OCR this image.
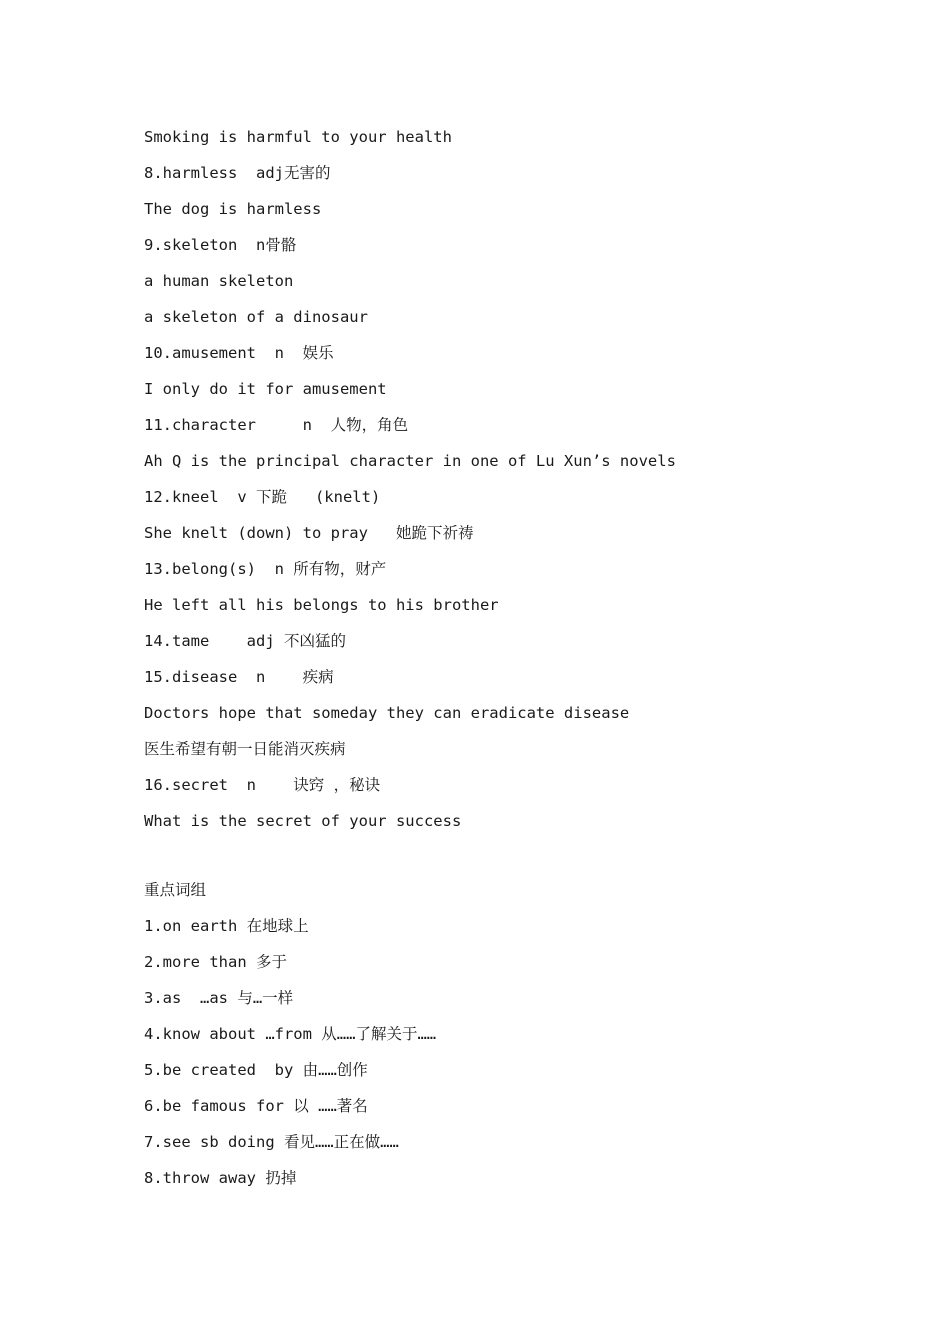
Smoking is harmful to your health
8.harmless  adj无害的
The dog is harmless
9.skeleton  n骨骼
a human skeleton
a skeleton of a dinosaur
10.amusement  n  娱乐
I only do it for amusement
11.character     n  人物，角色
Ah Q is the principal character in one of Lu Xun’s novels
12.kneel  v 下跪   (knelt)
She knelt (down) to pray   她跪下祈祷
13.belong(s)  n 所有物，财产
He left all his belongs to his brother
14.tame    adj 不凶猛的
15.disease  n    疾病
Doctors hope that someday they can eradicate disease
医生希望有朝一日能消灭疾病
16.secret  n    诀窍 ，秘诀
What is the secret of your success
重点词组
1.on earth 在地球上
2.more than 多于
3.as  …as 与…一样
4.know about …from 从……了解关于……
5.be created  by 由……创作
6.be famous for 以 ……著名
7.see sb doing 看见……正在做……
8.throw away 扔掉
